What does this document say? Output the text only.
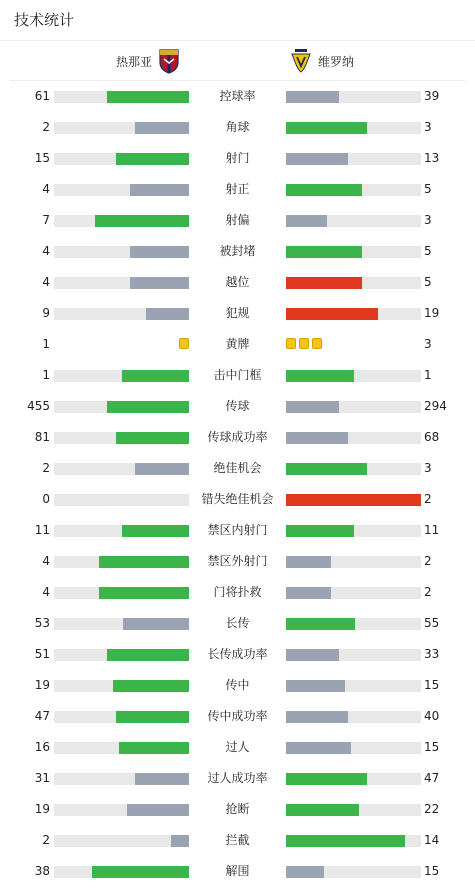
技术统计
热那亚	维罗纳
61	控球率	39
2	角球	3
15	射门	13
4	射正	5
7	射偏	3
4	被封堵	5
4	越位	5
9	犯规	19
1	黄牌	3
1	击中门框	1
455	传球	294
81	传球成功率	68
2	绝佳机会	3
0	错失绝佳机会	2
11	禁区内射门	11
4	禁区外射门	2
4	门将扑救	2
53	长传	55
51	长传成功率	33
19	传中	15
47	传中成功率	40
16	过人	15
31	过人成功率	47
19	抢断	22
2	拦截	14
38	解围	15
